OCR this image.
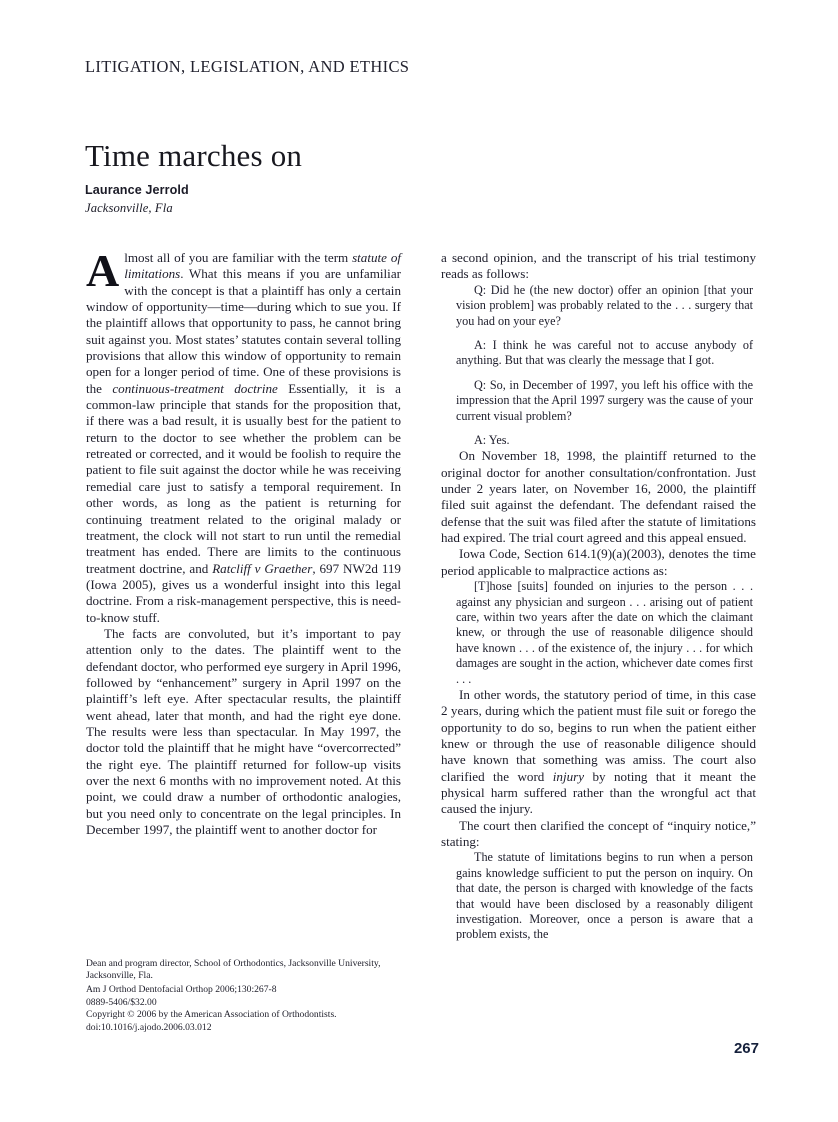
LITIGATION, LEGISLATION, AND ETHICS
Time marches on
Laurance Jerrold
Jacksonville, Fla

Almost all of you are familiar with the term statute of limitations. What this means if you are unfamiliar with the concept is that a plaintiff has only a certain window of opportunity—time—during which to sue you. If the plaintiff allows that opportunity to pass, he cannot bring suit against you. Most states’ statutes contain several tolling provisions that allow this window of opportunity to remain open for a longer period of time. One of these provisions is the continuous-treatment doctrine Essentially, it is a common-law principle that stands for the proposition that, if there was a bad result, it is usually best for the patient to return to the doctor to see whether the problem can be retreated or corrected, and it would be foolish to require the patient to file suit against the doctor while he was receiving remedial care just to satisfy a temporal requirement. In other words, as long as the patient is returning for continuing treatment related to the original malady or treatment, the clock will not start to run until the remedial treatment has ended. There are limits to the continuous treatment doctrine, and Ratcliff v Graether, 697 NW2d 119 (Iowa 2005), gives us a wonderful insight into this legal doctrine. From a risk-management perspective, this is need-to-know stuff.

The facts are convoluted, but it’s important to pay attention only to the dates. The plaintiff went to the defendant doctor, who performed eye surgery in April 1996, followed by “enhancement” surgery in April 1997 on the plaintiff’s left eye. After spectacular results, the plaintiff went ahead, later that month, and had the right eye done. The results were less than spectacular. In May 1997, the doctor told the plaintiff that he might have “overcorrected” the right eye. The plaintiff returned for follow-up visits over the next 6 months with no improvement noted. At this point, we could draw a number of orthodontic analogies, but you need only to concentrate on the legal principles. In December 1997, the plaintiff went to another doctor for

a second opinion, and the transcript of his trial testimony reads as follows:

Q: Did he (the new doctor) offer an opinion [that your vision problem] was probably related to the . . . surgery that you had on your eye?

A: I think he was careful not to accuse anybody of anything. But that was clearly the message that I got.

Q: So, in December of 1997, you left his office with the impression that the April 1997 surgery was the cause of your current visual problem?

A: Yes.

On November 18, 1998, the plaintiff returned to the original doctor for another consultation/confrontation. Just under 2 years later, on November 16, 2000, the plaintiff filed suit against the defendant. The defendant raised the defense that the suit was filed after the statute of limitations had expired. The trial court agreed and this appeal ensued.

Iowa Code, Section 614.1(9)(a)(2003), denotes the time period applicable to malpractice actions as:

[T]hose [suits] founded on injuries to the person . . . against any physician and surgeon . . . arising out of patient care, within two years after the date on which the claimant knew, or through the use of reasonable diligence should have known . . . of the existence of, the injury . . . for which damages are sought in the action, whichever date comes first . . .

In other words, the statutory period of time, in this case 2 years, during which the patient must file suit or forego the opportunity to do so, begins to run when the patient either knew or through the use of reasonable diligence should have known that something was amiss. The court also clarified the word injury by noting that it meant the physical harm suffered rather than the wrongful act that caused the injury.

The court then clarified the concept of “inquiry notice,” stating:

The statute of limitations begins to run when a person gains knowledge sufficient to put the person on inquiry. On that date, the person is charged with knowledge of the facts that would have been disclosed by a reasonably diligent investigation. Moreover, once a person is aware that a problem exists, the

Dean and program director, School of Orthodontics, Jacksonville University, Jacksonville, Fla.

Am J Orthod Dentofacial Orthop 2006;130:267-8

0889-5406/$32.00

Copyright © 2006 by the American Association of Orthodontists.

doi:10.1016/j.ajodo.2006.03.012

267
